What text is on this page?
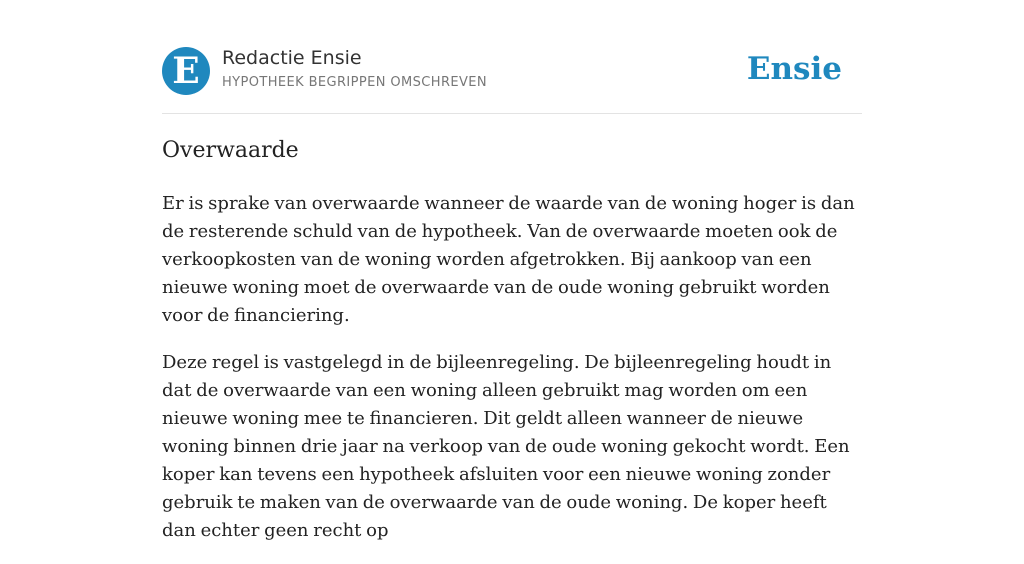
E	Redactie Ensie
HYPOTHEEK BEGRIPPEN OMSCHREVEN	Ensie
Overwaarde

Er is sprake van overwaarde wanneer de waarde van de woning hoger is dan de resterende schuld van de hypotheek. Van de overwaarde moeten ook de verkoopkosten van de woning worden afgetrokken. Bij aankoop van een nieuwe woning moet de overwaarde van de oude woning gebruikt worden voor de financiering.

Deze regel is vastgelegd in de bijleenregeling. De bijleenregeling houdt in dat de overwaarde van een woning alleen gebruikt mag worden om een nieuwe woning mee te financieren. Dit geldt alleen wanneer de nieuwe woning binnen drie jaar na verkoop van de oude woning gekocht wordt. Een koper kan tevens een hypotheek afsluiten voor een nieuwe woning zonder gebruik te maken van de overwaarde van de oude woning. De koper heeft dan echter geen recht op
